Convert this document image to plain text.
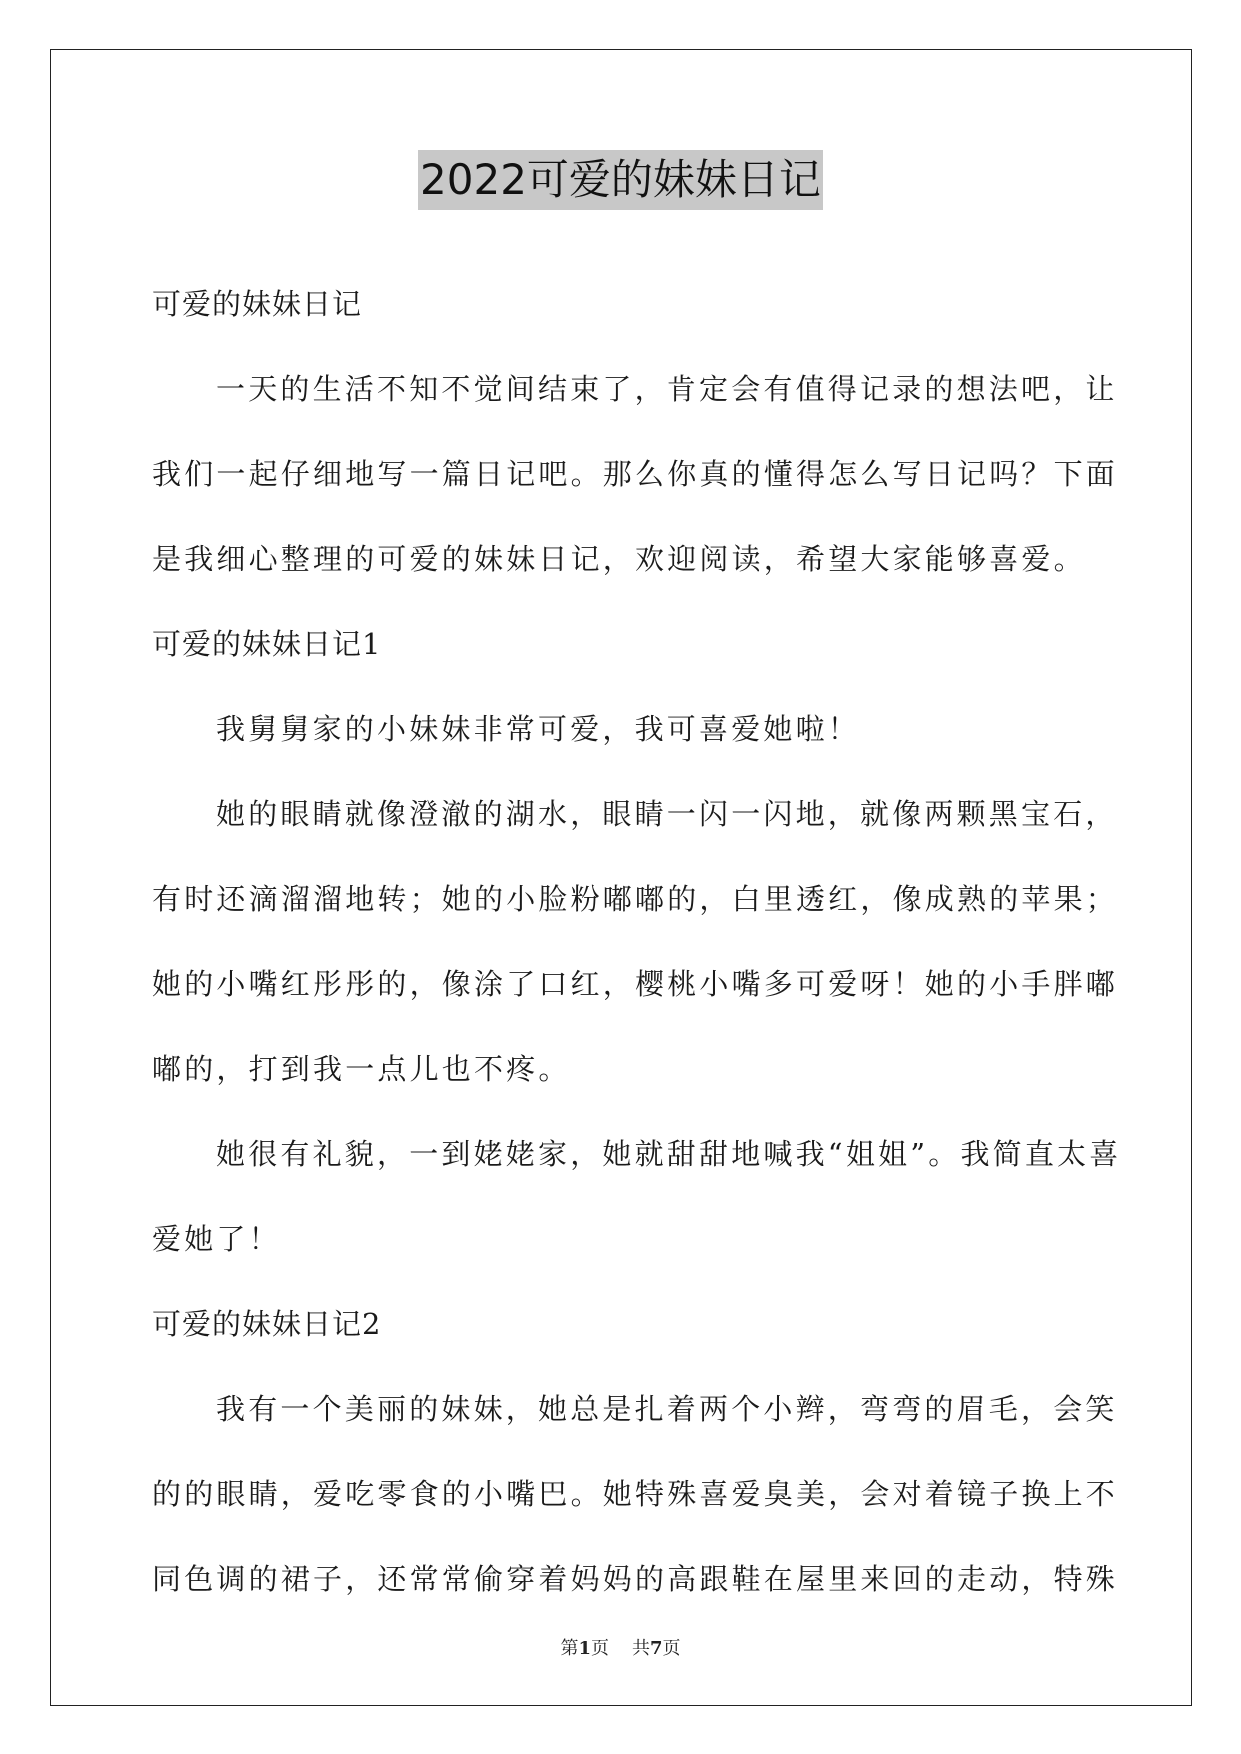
2022可爱的妹妹日记
可爱的妹妹日记
一天的生活不知不觉间结束了，肯定会有值得记录的想法吧，让
我们一起仔细地写一篇日记吧。那么你真的懂得怎么写日记吗？下面
是我细心整理的可爱的妹妹日记，欢迎阅读，希望大家能够喜爱。
可爱的妹妹日记1
我舅舅家的小妹妹非常可爱，我可喜爱她啦！
她的眼睛就像澄澈的湖水，眼睛一闪一闪地，就像两颗黑宝石，
有时还滴溜溜地转；她的小脸粉嘟嘟的，白里透红，像成熟的苹果；
她的小嘴红彤彤的，像涂了口红，樱桃小嘴多可爱呀！她的小手胖嘟
嘟的，打到我一点儿也不疼。
她很有礼貌，一到姥姥家，她就甜甜地喊我“姐姐”。我简直太喜
爱她了！
可爱的妹妹日记2
我有一个美丽的妹妹，她总是扎着两个小辫，弯弯的眉毛，会笑
的的眼睛，爱吃零食的小嘴巴。她特殊喜爱臭美，会对着镜子换上不
同色调的裙子，还常常偷穿着妈妈的高跟鞋在屋里来回的走动，特殊
第1页 共7页
